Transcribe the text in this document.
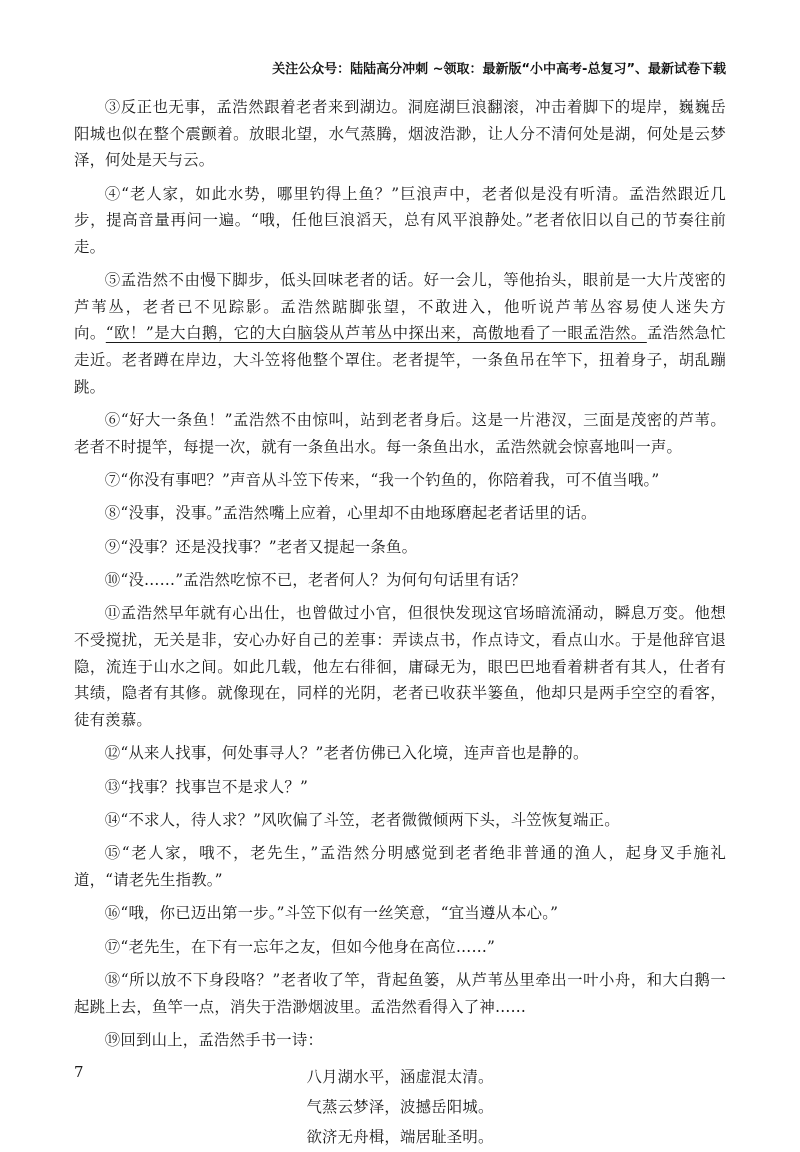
关注公众号：陆陆高分冲刺 ~领取：最新版“小中高考-总复习”、最新试卷下载

③反正也无事，孟浩然跟着老者来到湖边。洞庭湖巨浪翻滚，冲击着脚下的堤岸，巍巍岳阳城也似在整个震颤着。放眼北望，水气蒸腾，烟波浩渺，让人分不清何处是湖，何处是云梦泽，何处是天与云。

④“老人家，如此水势，哪里钓得上鱼？”巨浪声中，老者似是没有听清。孟浩然跟近几步，提高音量再问一遍。“哦，任他巨浪滔天，总有风平浪静处。”老者依旧以自己的节奏往前走。

⑤孟浩然不由慢下脚步，低头回味老者的话。好一会儿，等他抬头，眼前是一大片茂密的芦苇丛，老者已不见踪影。孟浩然踮脚张望，不敢进入，他听说芦苇丛容易使人迷失方向。“欧！”是大白鹅，它的大白脑袋从芦苇丛中探出来，高傲地看了一眼孟浩然。孟浩然急忙走近。老者蹲在岸边，大斗笠将他整个罩住。老者提竿，一条鱼吊在竿下，扭着身子，胡乱蹦跳。

⑥“好大一条鱼！”孟浩然不由惊叫，站到老者身后。这是一片港汊，三面是茂密的芦苇。老者不时提竿，每提一次，就有一条鱼出水。每一条鱼出水，孟浩然就会惊喜地叫一声。

⑦“你没有事吧？”声音从斗笠下传来，“我一个钓鱼的，你陪着我，可不值当哦。”

⑧“没事，没事。”孟浩然嘴上应着，心里却不由地琢磨起老者话里的话。

⑨“没事？还是没找事？”老者又提起一条鱼。

⑩“没……”孟浩然吃惊不已，老者何人？为何句句话里有话？

⑪孟浩然早年就有心出仕，也曾做过小官，但很快发现这官场暗流涌动，瞬息万变。他想不受搅扰，无关是非，安心办好自己的差事：弄读点书，作点诗文，看点山水。于是他辞官退隐，流连于山水之间。如此几载，他左右徘徊，庸碌无为，眼巴巴地看着耕者有其人，仕者有其绩，隐者有其修。就像现在，同样的光阴，老者已收获半篓鱼，他却只是两手空空的看客，徒有羡慕。

⑫“从来人找事，何处事寻人？”老者仿佛已入化境，连声音也是静的。

⑬“找事？找事岂不是求人？”

⑭“不求人，待人求？”风吹偏了斗笠，老者微微倾两下头，斗笠恢复端正。

⑮“老人家，哦不，老先生，”孟浩然分明感觉到老者绝非普通的渔人，起身叉手施礼道，“请老先生指教。”

⑯“哦，你已迈出第一步。”斗笠下似有一丝笑意，“宜当遵从本心。”

⑰“老先生，在下有一忘年之友，但如今他身在高位……”

⑱“所以放不下身段咯？”老者收了竿，背起鱼篓，从芦苇丛里牵出一叶小舟，和大白鹅一起跳上去，鱼竿一点，消失于浩渺烟波里。孟浩然看得入了神……

⑲回到山上，孟浩然手书一诗：

八月湖水平，涵虚混太清。
气蒸云梦泽，波撼岳阳城。
欲济无舟楫，端居耻圣明。
7
